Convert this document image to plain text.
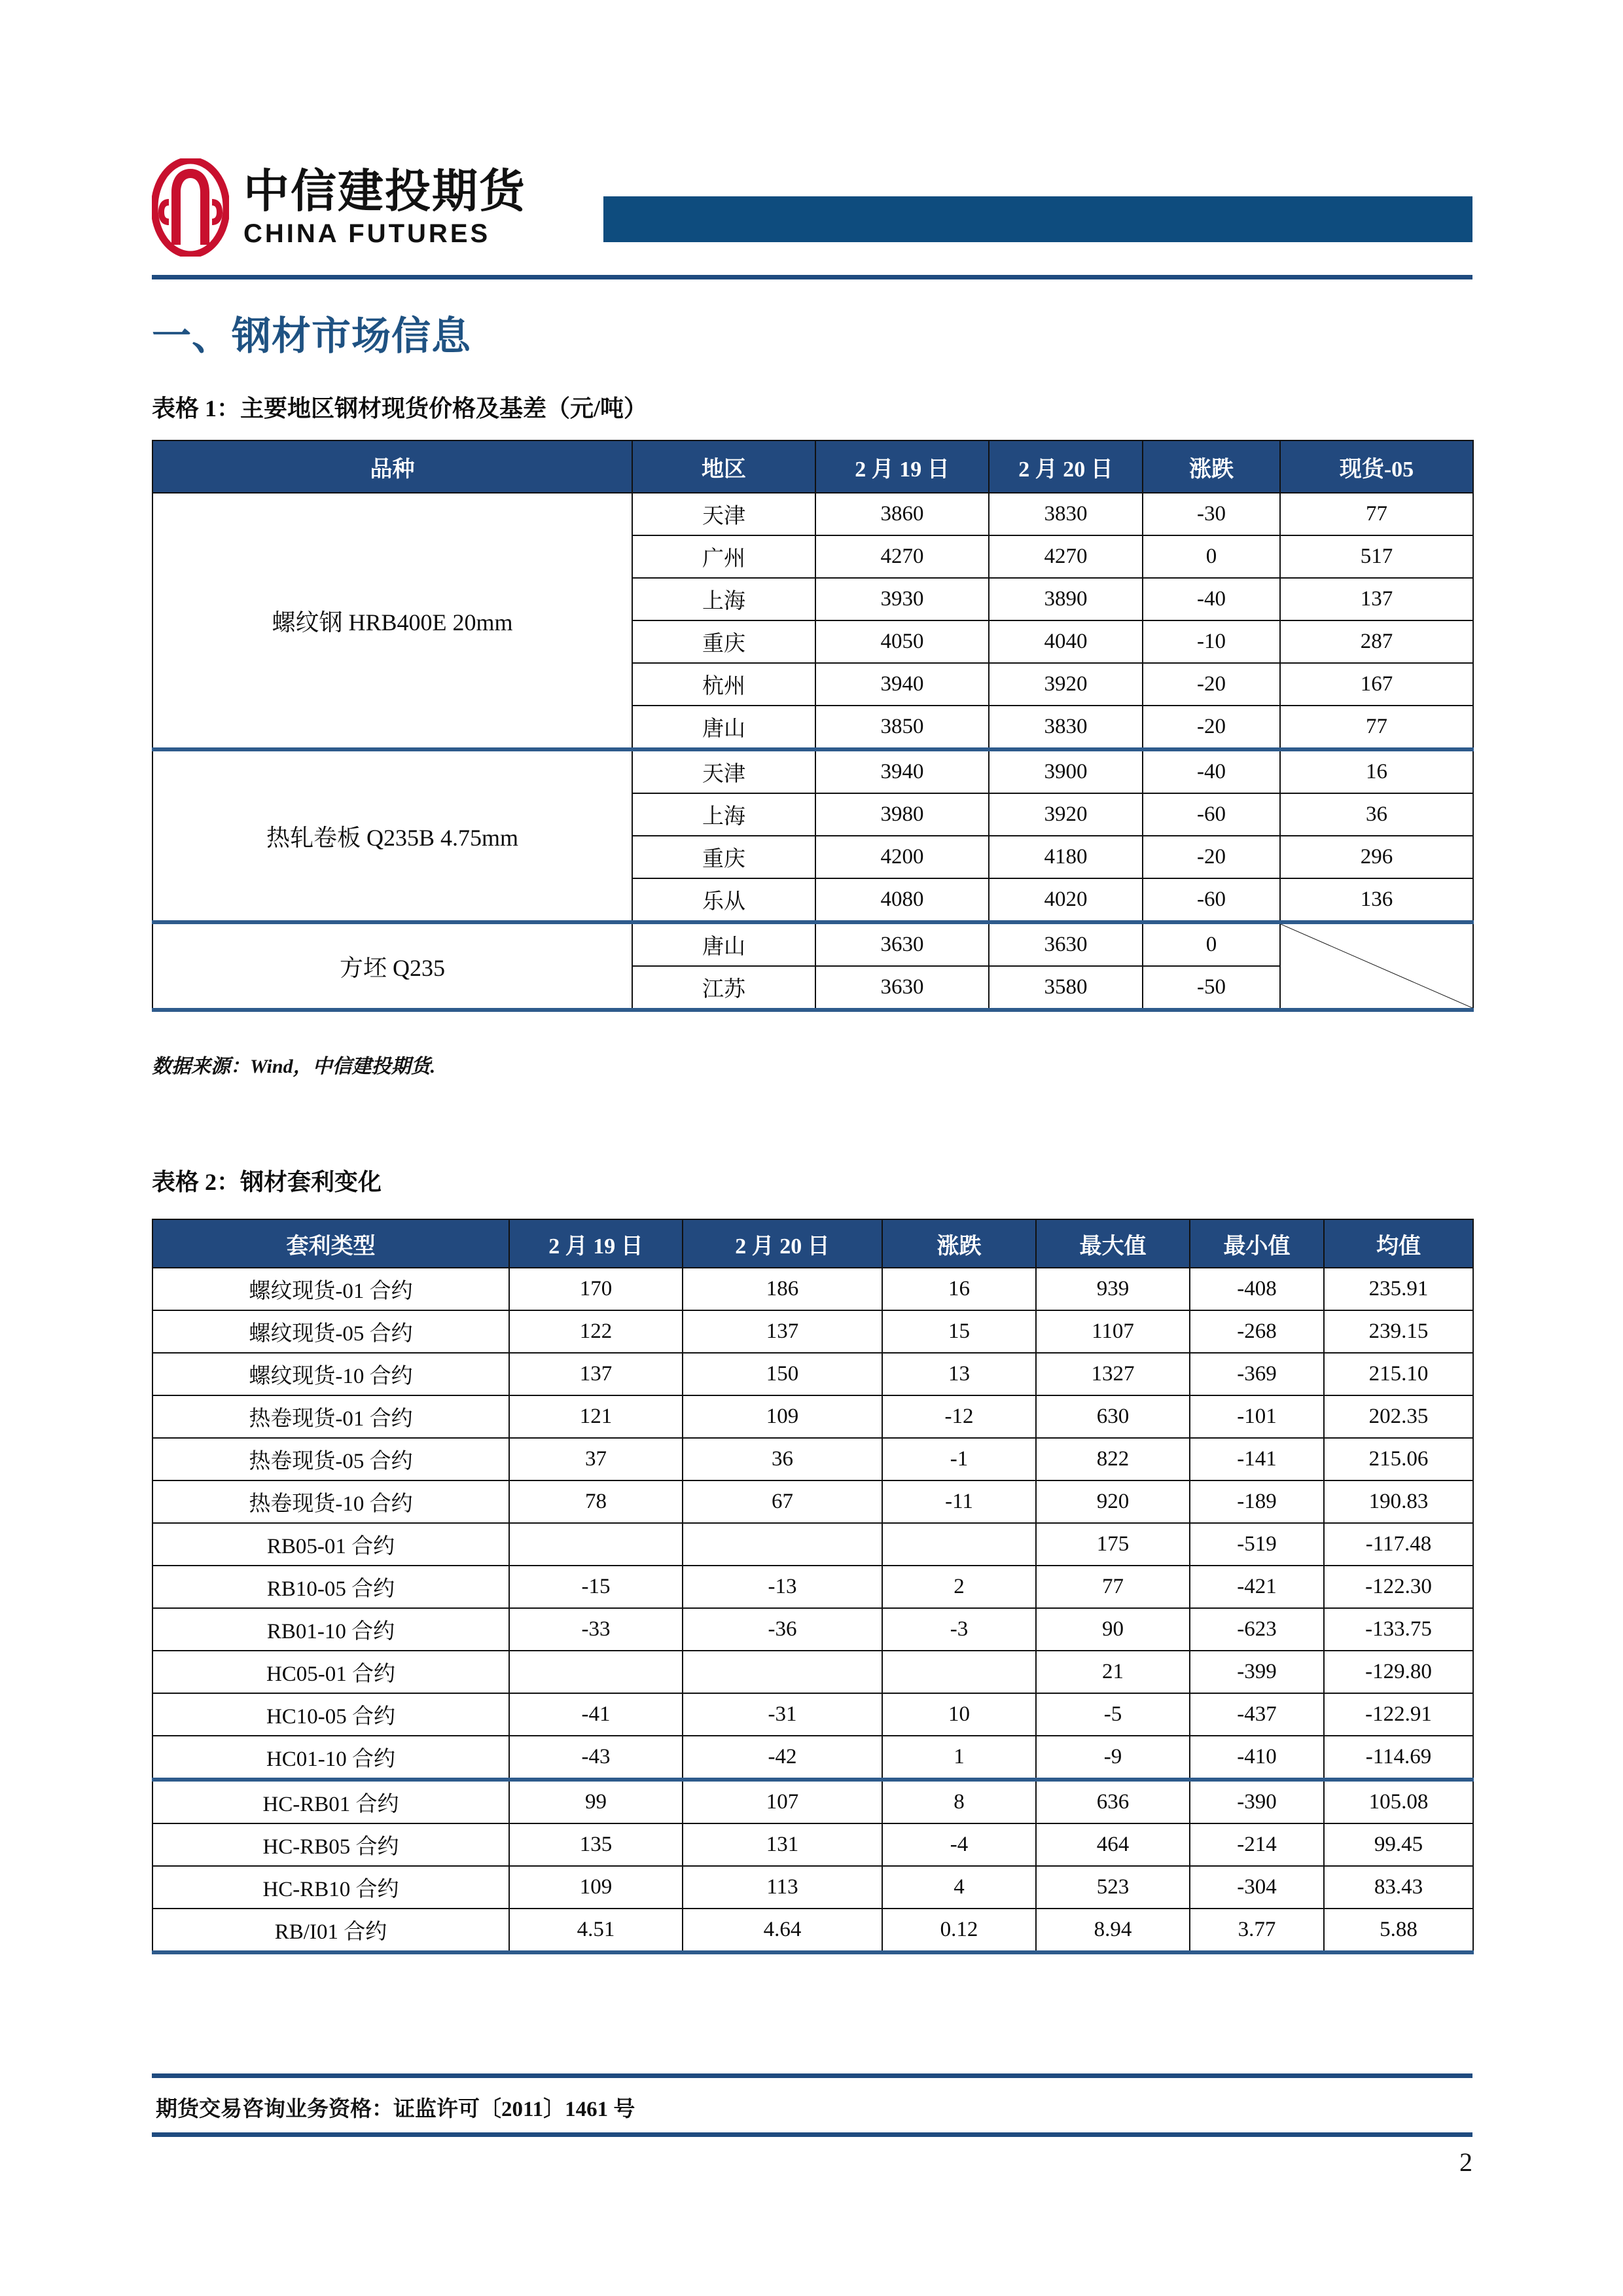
中信建投期货
CHINA FUTURES
一、钢材市场信息
表格 1：主要地区钢材现货价格及基差（元/吨）
品种	地区	2 月 19 日	2 月 20 日	涨跌	现货-05
螺纹钢 HRB400E 20mm	天津	3860	3830	-30	77
	广州	4270	4270	0	517
	上海	3930	3890	-40	137
	重庆	4050	4040	-10	287
	杭州	3940	3920	-20	167
	唐山	3850	3830	-20	77
热轧卷板 Q235B 4.75mm	天津	3940	3900	-40	16
	上海	3980	3920	-60	36
	重庆	4200	4180	-20	296
	乐从	4080	4020	-60	136
方坯 Q235	唐山	3630	3630	0	

	江苏	3630	3580	-50	
数据来源：Wind，中信建投期货.
表格 2：钢材套利变化
套利类型	2 月 19 日	2 月 20 日	涨跌	最大值	最小值	均值
螺纹现货-01 合约	170	186	16	939	-408	235.91
螺纹现货-05 合约	122	137	15	1107	-268	239.15
螺纹现货-10 合约	137	150	13	1327	-369	215.10
热卷现货-01 合约	121	109	-12	630	-101	202.35
热卷现货-05 合约	37	36	-1	822	-141	215.06
热卷现货-10 合约	78	67	-11	920	-189	190.83
RB05-01 合约				175	-519	-117.48
RB10-05 合约	-15	-13	2	77	-421	-122.30
RB01-10 合约	-33	-36	-3	90	-623	-133.75
HC05-01 合约				21	-399	-129.80
HC10-05 合约	-41	-31	10	-5	-437	-122.91
HC01-10 合约	-43	-42	1	-9	-410	-114.69
HC-RB01 合约	99	107	8	636	-390	105.08
HC-RB05 合约	135	131	-4	464	-214	99.45
HC-RB10 合约	109	113	4	523	-304	83.43
RB/I01 合约	4.51	4.64	0.12	8.94	3.77	5.88
期货交易咨询业务资格：证监许可〔2011〕1461 号
2
